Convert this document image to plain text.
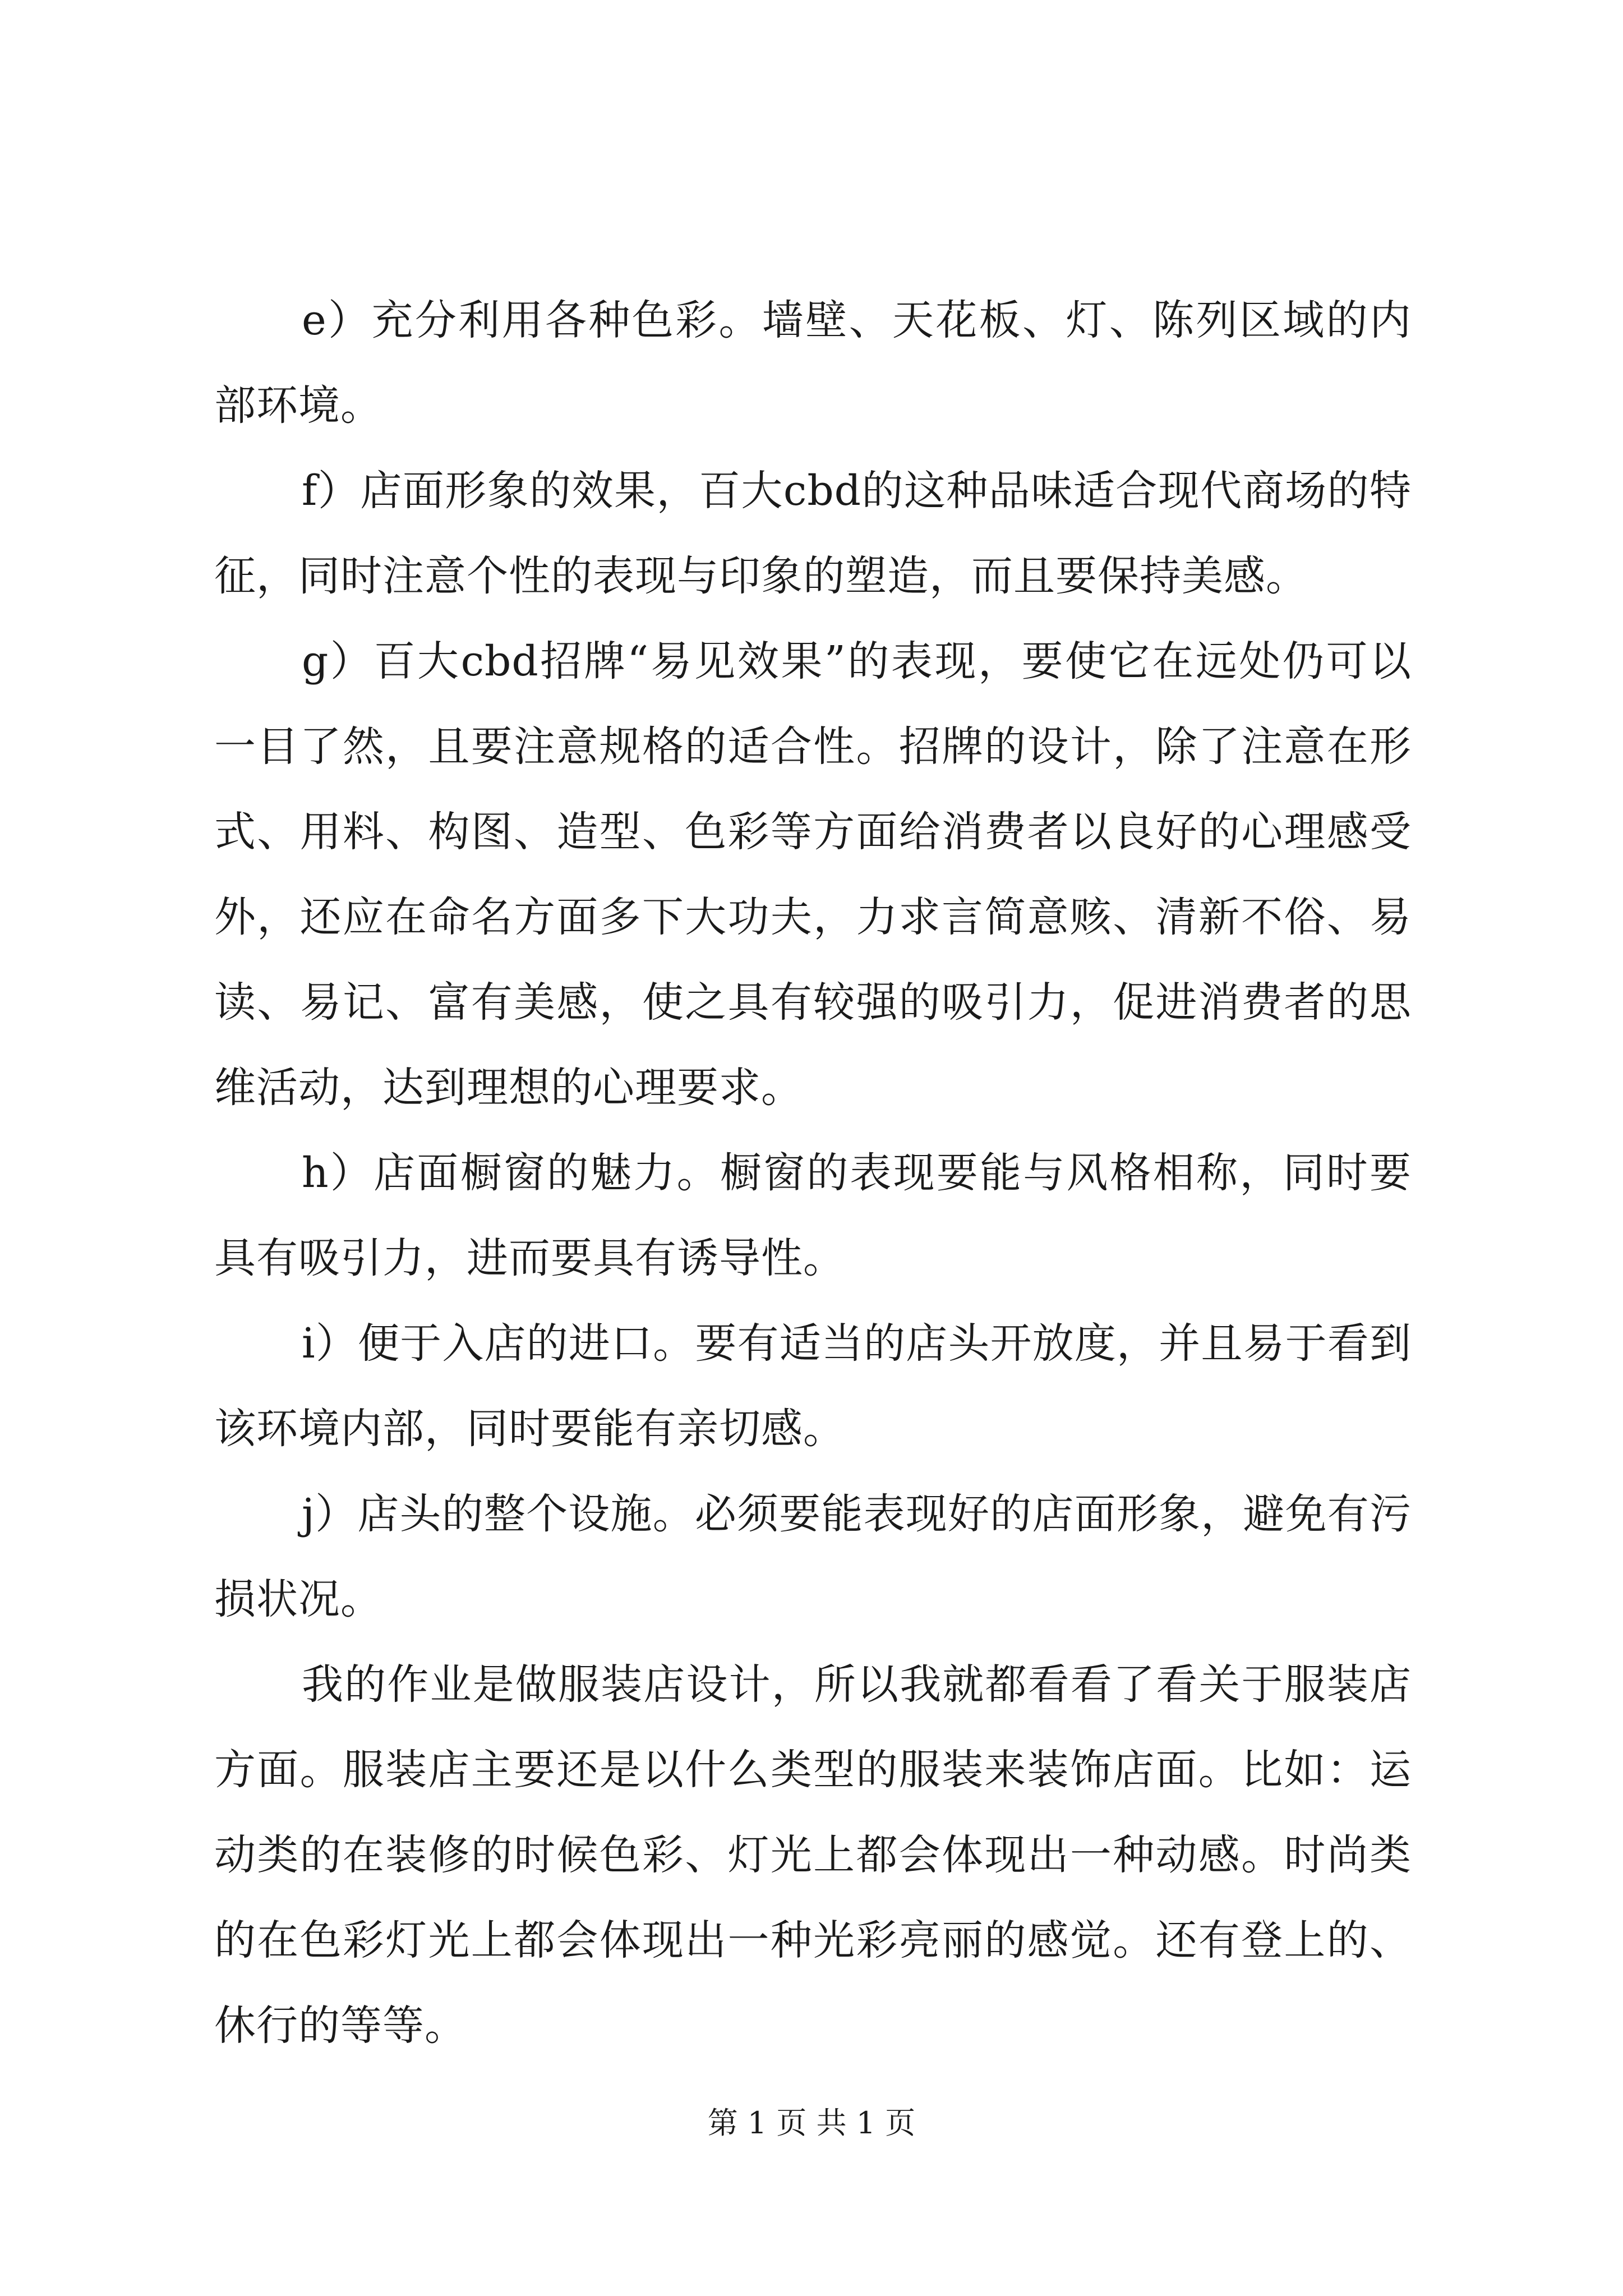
e）充分利用各种色彩。墙壁、天花板、灯、陈列区域的内部环境。

f）店面形象的效果，百大cbd的这种品味适合现代商场的特征，同时注意个性的表现与印象的塑造，而且要保持美感。

g）百大cbd招牌“易见效果”的表现，要使它在远处仍可以一目了然，且要注意规格的适合性。招牌的设计，除了注意在形式、用料、构图、造型、色彩等方面给消费者以良好的心理感受外，还应在命名方面多下大功夫，力求言简意赅、清新不俗、易读、易记、富有美感，使之具有较强的吸引力，促进消费者的思维活动，达到理想的心理要求。

h）店面橱窗的魅力。橱窗的表现要能与风格相称，同时要具有吸引力，进而要具有诱导性。

i）便于入店的进口。要有适当的店头开放度，并且易于看到该环境内部，同时要能有亲切感。

j）店头的整个设施。必须要能表现好的店面形象，避免有污损状况。

我的作业是做服装店设计，所以我就都看看了看关于服装店方面。服装店主要还是以什么类型的服装来装饰店面。比如：运动类的在装修的时候色彩、灯光上都会体现出一种动感。时尚类的在色彩灯光上都会体现出一种光彩亮丽的感觉。还有登上的、休行的等等。

第 1 页 共 1 页
